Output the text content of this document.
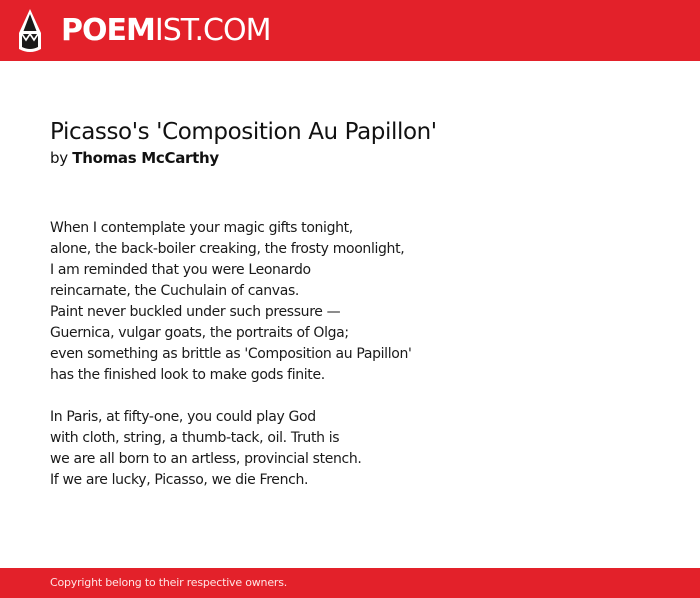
POEMIST.COM
Picasso's 'Composition Au Papillon'
by Thomas McCarthy
When I contemplate your magic gifts tonight,
alone, the back-boiler creaking, the frosty moonlight,
I am reminded that you were Leonardo
reincarnate, the Cuchulain of canvas.
Paint never buckled under such pressure —
Guernica, vulgar goats, the portraits of Olga;
even something as brittle as 'Composition au Papillon'
has the finished look to make gods finite.
In Paris, at fifty-one, you could play God
with cloth, string, a thumb-tack, oil. Truth is
we are all born to an artless, provincial stench.
If we are lucky, Picasso, we die French.
Copyright belong to their respective owners.
